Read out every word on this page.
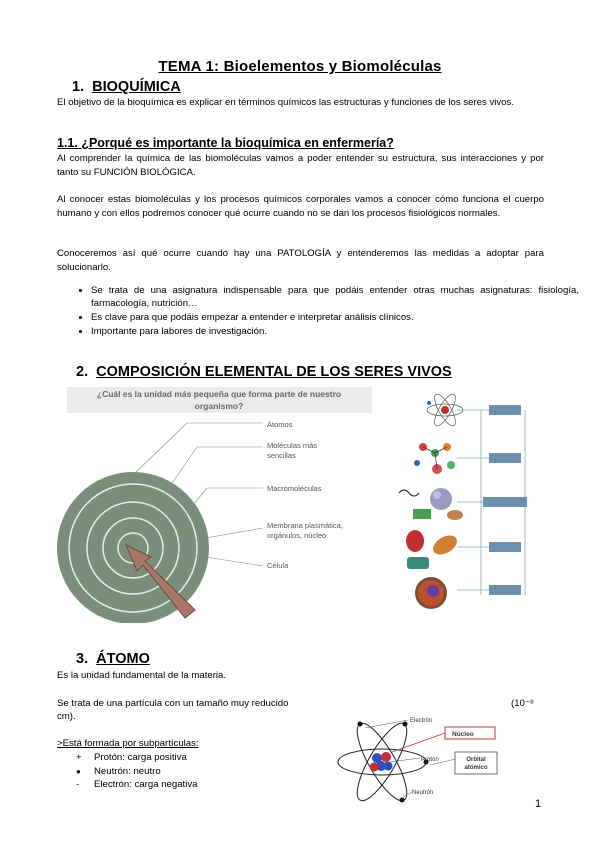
TEMA 1: Bioelementos y Biomoléculas
1. BIOQUÍMICA
El objetivo de la bioquímica es explicar en términos químicos las estructuras y funciones de los seres vivos.
1.1. ¿Porqué es importante la bioquímica en enfermería?
Al comprender la química de las biomoléculas vamos a poder entender su estructura, sus interacciones y por tanto su FUNCIÓN BIOLÓGICA.
Al conocer estas biomoléculas y los procesos químicos corporales vamos a conocer cómo funciona el cuerpo humano y con ellos podremos conocer qué ocurre cuando no se dan los procesos fisiológicos normales.
Conoceremos así qué ocurre cuando hay una PATOLOGÍA y entenderemos las medidas a adoptar para solucionarlo.
• Se trata de una asignatura indispensable para que podáis entender otras muchas asignaturas: fisiología, farmacología, nutrición…
• Es clave para que podáis empezar a entender e interpretar análisis clínicos.
• Importante para labores de investigación.
2. COMPOSICIÓN ELEMENTAL DE LOS SERES VIVOS
¿Cuál es la unidad más pequeña que forma parte de nuestro
organismo?
Átomos
Moléculas más
sencillas
Macromoléculas
Membrana plasmática,
orgánulos, núcleo
Célula
3. ÁTOMO
Es la unidad fundamental de la materia.
Se trata de una partícula con un tamaño muy reducido	(10⁻⁸
cm).
>Está formada por subpartículas:
+ Protón: carga positiva
● Neutrón: neutro
- Electrón: carga negativa
Electrón
Núcleo
Protón	Orbital
atómico
Neutrón
1
